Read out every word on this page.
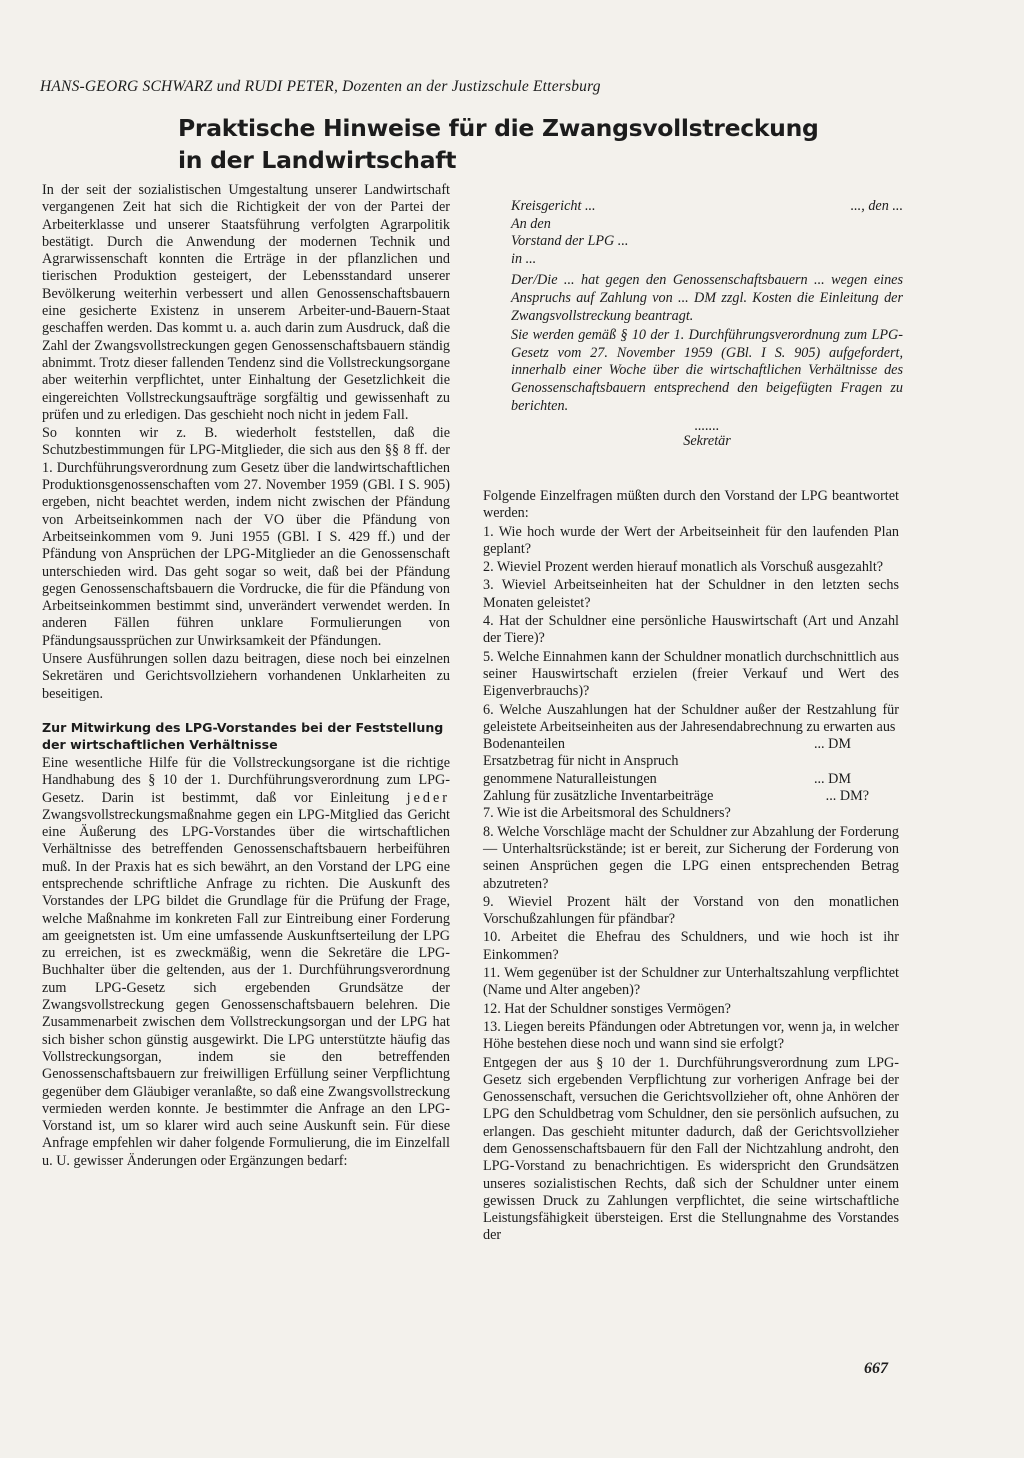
HANS-GEORG SCHWARZ und RUDI PETER, Dozenten an der Justizschule Ettersburg
Praktische Hinweise für die Zwangsvollstreckung
in der Landwirtschaft

In der seit der sozialistischen Umgestaltung unserer Landwirtschaft vergangenen Zeit hat sich die Richtigkeit der von der Partei der Arbeiterklasse und unserer Staatsführung verfolgten Agrarpolitik bestätigt. Durch die Anwendung der modernen Technik und Agrarwissenschaft konnten die Erträge in der pflanzlichen und tierischen Produktion gesteigert, der Lebensstandard unserer Bevölkerung weiterhin verbessert und allen Genossenschaftsbauern eine gesicherte Existenz in unserem Arbeiter-und-Bauern-Staat geschaffen werden. Das kommt u. a. auch darin zum Ausdruck, daß die Zahl der Zwangsvollstreckungen gegen Genossenschaftsbauern ständig abnimmt. Trotz dieser fallenden Tendenz sind die Vollstreckungsorgane aber weiterhin verpflichtet, unter Einhaltung der Gesetzlichkeit die eingereichten Vollstreckungsaufträge sorgfältig und gewissenhaft zu prüfen und zu erledigen. Das geschieht noch nicht in jedem Fall.

So konnten wir z. B. wiederholt feststellen, daß die Schutzbestimmungen für LPG-Mitglieder, die sich aus den §§ 8 ff. der 1. Durchführungsverordnung zum Gesetz über die landwirtschaftlichen Produktionsgenossenschaften vom 27. November 1959 (GBl. I S. 905) ergeben, nicht beachtet werden, indem nicht zwischen der Pfändung von Arbeitseinkommen nach der VO über die Pfändung von Arbeitseinkommen vom 9. Juni 1955 (GBl. I S. 429 ff.) und der Pfändung von Ansprüchen der LPG-Mitglieder an die Genossenschaft unterschieden wird. Das geht sogar so weit, daß bei der Pfändung gegen Genossenschaftsbauern die Vordrucke, die für die Pfändung von Arbeitseinkommen bestimmt sind, unverändert verwendet werden. In anderen Fällen führen unklare Formulierungen von Pfändungsaussprüchen zur Unwirksamkeit der Pfändungen.

Unsere Ausführungen sollen dazu beitragen, diese noch bei einzelnen Sekretären und Gerichtsvollziehern vorhandenen Unklarheiten zu beseitigen.

Zur Mitwirkung des LPG-Vorstandes bei der Feststellung der wirtschaftlichen Verhältnisse

Eine wesentliche Hilfe für die Vollstreckungsorgane ist die richtige Handhabung des § 10 der 1. Durchführungsverordnung zum LPG-Gesetz. Darin ist bestimmt, daß vor Einleitung jeder Zwangsvollstreckungsmaßnahme gegen ein LPG-Mitglied das Gericht eine Äußerung des LPG-Vorstandes über die wirtschaftlichen Verhältnisse des betreffenden Genossenschaftsbauern herbeiführen muß. In der Praxis hat es sich bewährt, an den Vorstand der LPG eine entsprechende schriftliche Anfrage zu richten. Die Auskunft des Vorstandes der LPG bildet die Grundlage für die Prüfung der Frage, welche Maßnahme im konkreten Fall zur Eintreibung einer Forderung am geeignetsten ist. Um eine umfassende Auskunftserteilung der LPG zu erreichen, ist es zweckmäßig, wenn die Sekretäre die LPG-Buchhalter über die geltenden, aus der 1. Durchführungsverordnung zum LPG-Gesetz sich ergebenden Grundsätze der Zwangsvollstreckung gegen Genossenschaftsbauern belehren. Die Zusammenarbeit zwischen dem Vollstreckungsorgan und der LPG hat sich bisher schon günstig ausgewirkt. Die LPG unterstützte häufig das Vollstreckungsorgan, indem sie den betreffenden Genossenschaftsbauern zur freiwilligen Erfüllung seiner Verpflichtung gegenüber dem Gläubiger veranlaßte, so daß eine Zwangsvollstreckung vermieden werden konnte. Je bestimmter die Anfrage an den LPG-Vorstand ist, um so klarer wird auch seine Auskunft sein. Für diese Anfrage empfehlen wir daher folgende Formulierung, die im Einzelfall u. U. gewisser Änderungen oder Ergänzungen bedarf:

Kreisgericht ...	..., den ...
An den
Vorstand der LPG ...
in ...

Der/Die ... hat gegen den Genossenschaftsbauern ... wegen eines Anspruchs auf Zahlung von ... DM zzgl. Kosten die Einleitung der Zwangsvollstreckung beantragt.

Sie werden gemäß § 10 der 1. Durchführungsverordnung zum LPG-Gesetz vom 27. November 1959 (GBl. I S. 905) aufgefordert, innerhalb einer Woche über die wirtschaftlichen Verhältnisse des Genossenschaftsbauern entsprechend den beigefügten Fragen zu berichten.

.......
Sekretär

Folgende Einzelfragen müßten durch den Vorstand der LPG beantwortet werden:

1. Wie hoch wurde der Wert der Arbeitseinheit für den laufenden Plan geplant?

2. Wieviel Prozent werden hierauf monatlich als Vorschuß ausgezahlt?

3. Wieviel Arbeitseinheiten hat der Schuldner in den letzten sechs Monaten geleistet?

4. Hat der Schuldner eine persönliche Hauswirtschaft (Art und Anzahl der Tiere)?

5. Welche Einnahmen kann der Schuldner monatlich durchschnittlich aus seiner Hauswirtschaft erzielen (freier Verkauf und Wert des Eigenverbrauchs)?

6. Welche Auszahlungen hat der Schuldner außer der Restzahlung für geleistete Arbeitseinheiten aus der Jahresendabrechnung zu erwarten aus

Bodenanteilen	... DM
Ersatzbetrag für nicht in Anspruch
genommene Naturalleistungen	... DM
Zahlung für zusätzliche Inventarbeiträge	... DM?

7. Wie ist die Arbeitsmoral des Schuldners?

8. Welche Vorschläge macht der Schuldner zur Abzahlung der Forderung — Unterhaltsrückstände; ist er bereit, zur Sicherung der Forderung von seinen Ansprüchen gegen die LPG einen entsprechenden Betrag abzutreten?

9. Wieviel Prozent hält der Vorstand von den monatlichen Vorschußzahlungen für pfändbar?

10. Arbeitet die Ehefrau des Schuldners, und wie hoch ist ihr Einkommen?

11. Wem gegenüber ist der Schuldner zur Unterhaltszahlung verpflichtet (Name und Alter angeben)?

12. Hat der Schuldner sonstiges Vermögen?

13. Liegen bereits Pfändungen oder Abtretungen vor, wenn ja, in welcher Höhe bestehen diese noch und wann sind sie erfolgt?

Entgegen der aus § 10 der 1. Durchführungsverordnung zum LPG-Gesetz sich ergebenden Verpflichtung zur vorherigen Anfrage bei der Genossenschaft, versuchen die Gerichtsvollzieher oft, ohne Anhören der LPG den Schuldbetrag vom Schuldner, den sie persönlich aufsuchen, zu erlangen. Das geschieht mitunter dadurch, daß der Gerichtsvollzieher dem Genossenschaftsbauern für den Fall der Nichtzahlung androht, den LPG-Vorstand zu benachrichtigen. Es widerspricht den Grundsätzen unseres sozialistischen Rechts, daß sich der Schuldner unter einem gewissen Druck zu Zahlungen verpflichtet, die seine wirtschaftliche Leistungsfähigkeit übersteigen. Erst die Stellungnahme des Vorstandes der

667
